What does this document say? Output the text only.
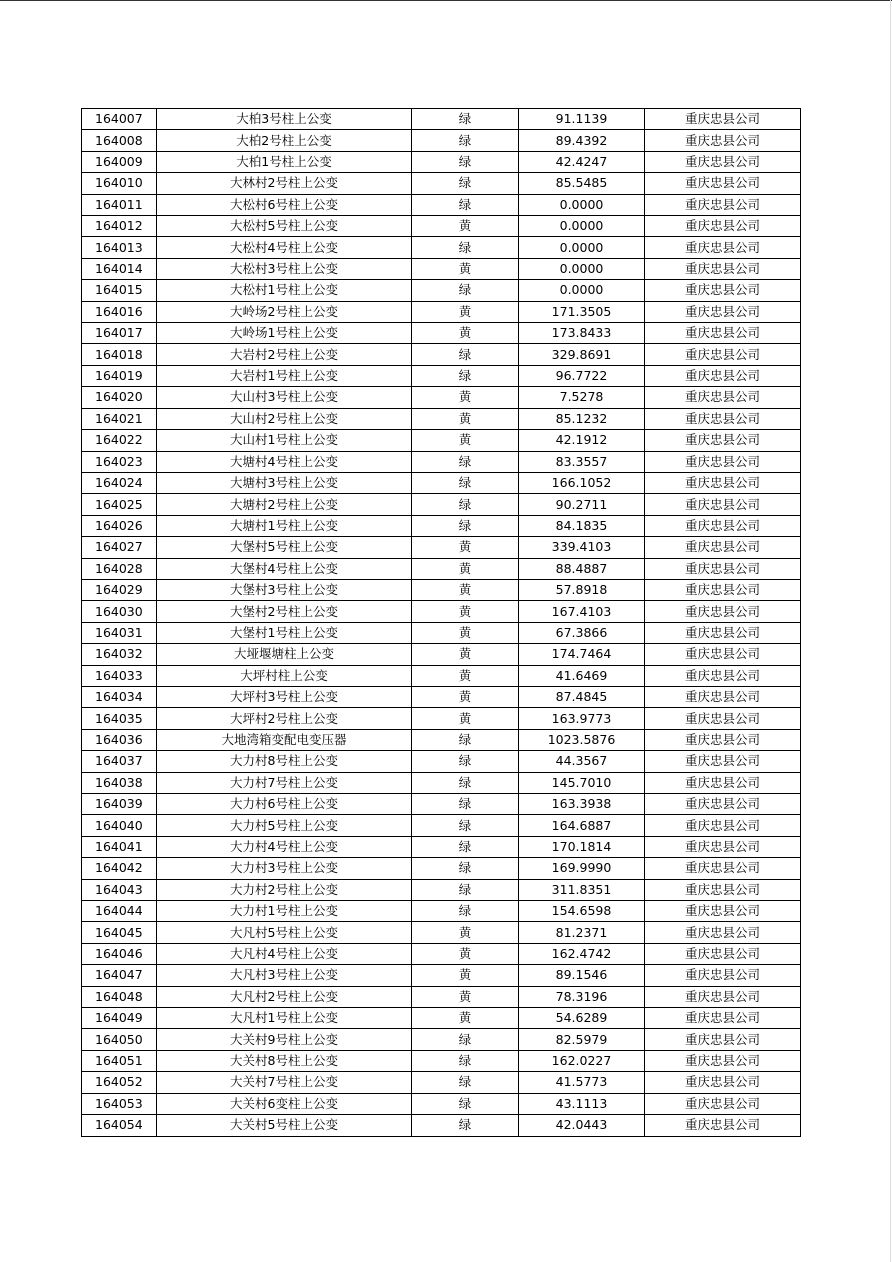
164007	大柏3号柱上公变	绿	91.1139	重庆忠县公司
164008	大柏2号柱上公变	绿	89.4392	重庆忠县公司
164009	大柏1号柱上公变	绿	42.4247	重庆忠县公司
164010	大林村2号柱上公变	绿	85.5485	重庆忠县公司
164011	大松村6号柱上公变	绿	0.0000	重庆忠县公司
164012	大松村5号柱上公变	黄	0.0000	重庆忠县公司
164013	大松村4号柱上公变	绿	0.0000	重庆忠县公司
164014	大松村3号柱上公变	黄	0.0000	重庆忠县公司
164015	大松村1号柱上公变	绿	0.0000	重庆忠县公司
164016	大岭场2号柱上公变	黄	171.3505	重庆忠县公司
164017	大岭场1号柱上公变	黄	173.8433	重庆忠县公司
164018	大岩村2号柱上公变	绿	329.8691	重庆忠县公司
164019	大岩村1号柱上公变	绿	96.7722	重庆忠县公司
164020	大山村3号柱上公变	黄	7.5278	重庆忠县公司
164021	大山村2号柱上公变	黄	85.1232	重庆忠县公司
164022	大山村1号柱上公变	黄	42.1912	重庆忠县公司
164023	大塘村4号柱上公变	绿	83.3557	重庆忠县公司
164024	大塘村3号柱上公变	绿	166.1052	重庆忠县公司
164025	大塘村2号柱上公变	绿	90.2711	重庆忠县公司
164026	大塘村1号柱上公变	绿	84.1835	重庆忠县公司
164027	大堡村5号柱上公变	黄	339.4103	重庆忠县公司
164028	大堡村4号柱上公变	黄	88.4887	重庆忠县公司
164029	大堡村3号柱上公变	黄	57.8918	重庆忠县公司
164030	大堡村2号柱上公变	黄	167.4103	重庆忠县公司
164031	大堡村1号柱上公变	黄	67.3866	重庆忠县公司
164032	大垭堰塘柱上公变	黄	174.7464	重庆忠县公司
164033	大坪村柱上公变	黄	41.6469	重庆忠县公司
164034	大坪村3号柱上公变	黄	87.4845	重庆忠县公司
164035	大坪村2号柱上公变	黄	163.9773	重庆忠县公司
164036	大地湾箱变配电变压器	绿	1023.5876	重庆忠县公司
164037	大力村8号柱上公变	绿	44.3567	重庆忠县公司
164038	大力村7号柱上公变	绿	145.7010	重庆忠县公司
164039	大力村6号柱上公变	绿	163.3938	重庆忠县公司
164040	大力村5号柱上公变	绿	164.6887	重庆忠县公司
164041	大力村4号柱上公变	绿	170.1814	重庆忠县公司
164042	大力村3号柱上公变	绿	169.9990	重庆忠县公司
164043	大力村2号柱上公变	绿	311.8351	重庆忠县公司
164044	大力村1号柱上公变	绿	154.6598	重庆忠县公司
164045	大凡村5号柱上公变	黄	81.2371	重庆忠县公司
164046	大凡村4号柱上公变	黄	162.4742	重庆忠县公司
164047	大凡村3号柱上公变	黄	89.1546	重庆忠县公司
164048	大凡村2号柱上公变	黄	78.3196	重庆忠县公司
164049	大凡村1号柱上公变	黄	54.6289	重庆忠县公司
164050	大关村9号柱上公变	绿	82.5979	重庆忠县公司
164051	大关村8号柱上公变	绿	162.0227	重庆忠县公司
164052	大关村7号柱上公变	绿	41.5773	重庆忠县公司
164053	大关村6变柱上公变	绿	43.1113	重庆忠县公司
164054	大关村5号柱上公变	绿	42.0443	重庆忠县公司
